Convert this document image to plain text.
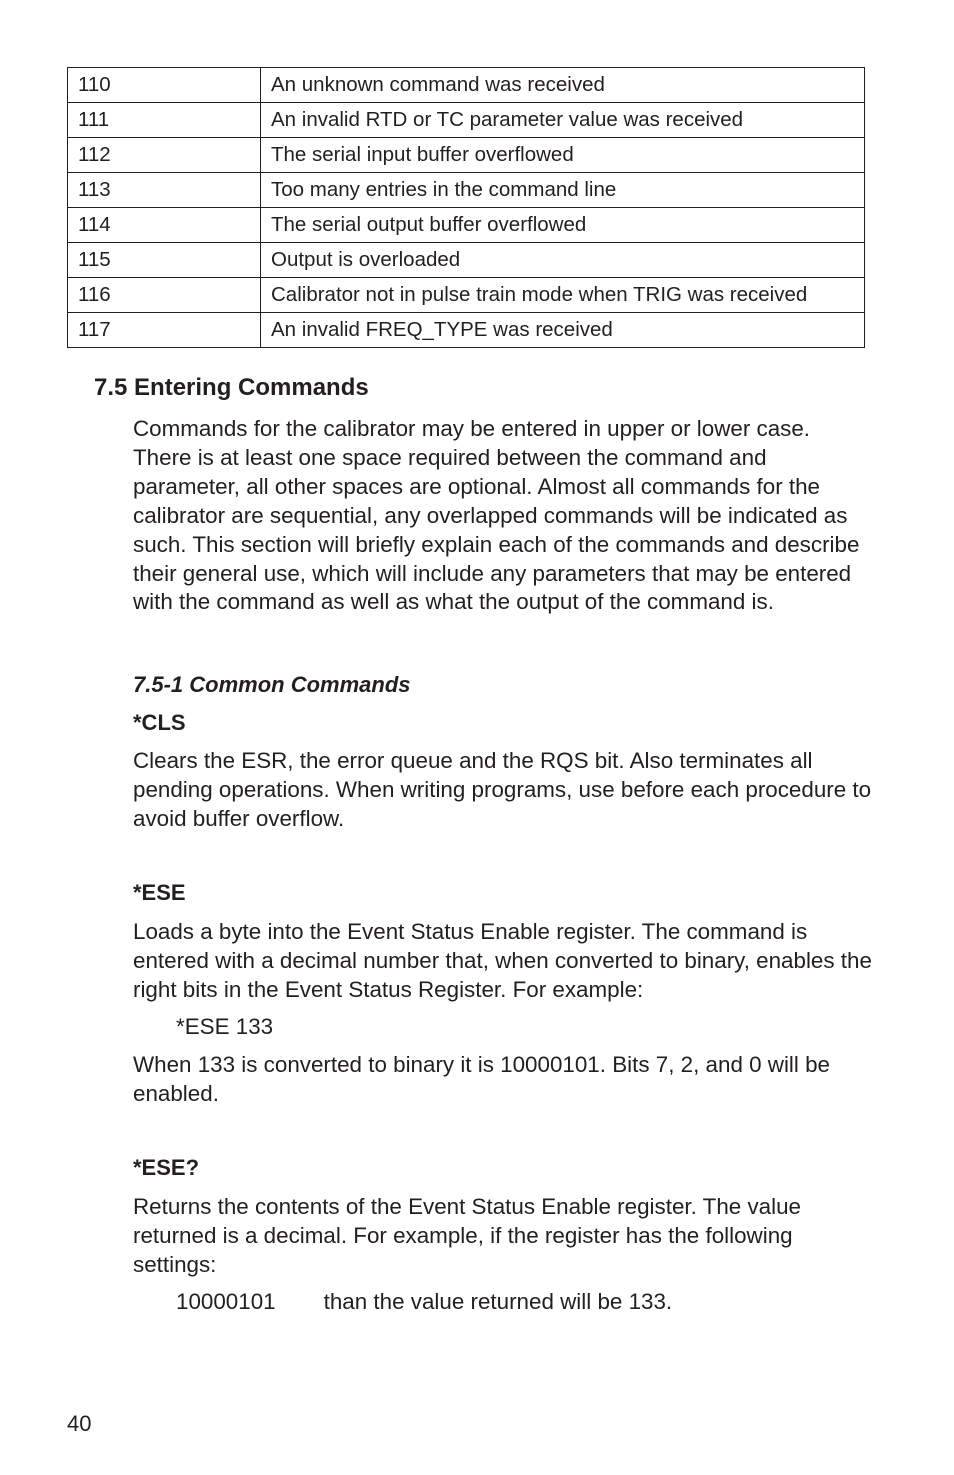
110	An unknown command was received
111	An invalid RTD or TC parameter value was received
112	The serial input buffer overflowed
113	Too many entries in the command line
114	The serial output buffer overflowed
115	Output is overloaded
116	Calibrator not in pulse train mode when TRIG was received
117	An invalid FREQ_TYPE was received
7.5 Entering Commands

Commands for the calibrator may be entered in upper or lower case. There is at least one space required between the command and parameter, all other spaces are optional. Almost all commands for the calibrator are sequential, any overlapped commands will be indicated as such. This section will briefly explain each of the commands and describe their general use, which will include any parameters that may be entered with the command as well as what the output of the command is.

7.5-1 Common Commands
*CLS

Clears the ESR, the error queue and the RQS bit. Also terminates all pending operations. When writing programs, use before each procedure to avoid buffer overflow.

*ESE

Loads a byte into the Event Status Enable register. The command is entered with a decimal number that, when converted to binary, enables the right bits in the Event Status Register. For example:

*ESE 133

When 133 is converted to binary it is 10000101. Bits 7, 2, and 0 will be enabled.

*ESE?

Returns the contents of the Event Status Enable register. The value returned is a decimal. For example, if the register has the following settings:

10000101 than the value returned will be 133.

40
